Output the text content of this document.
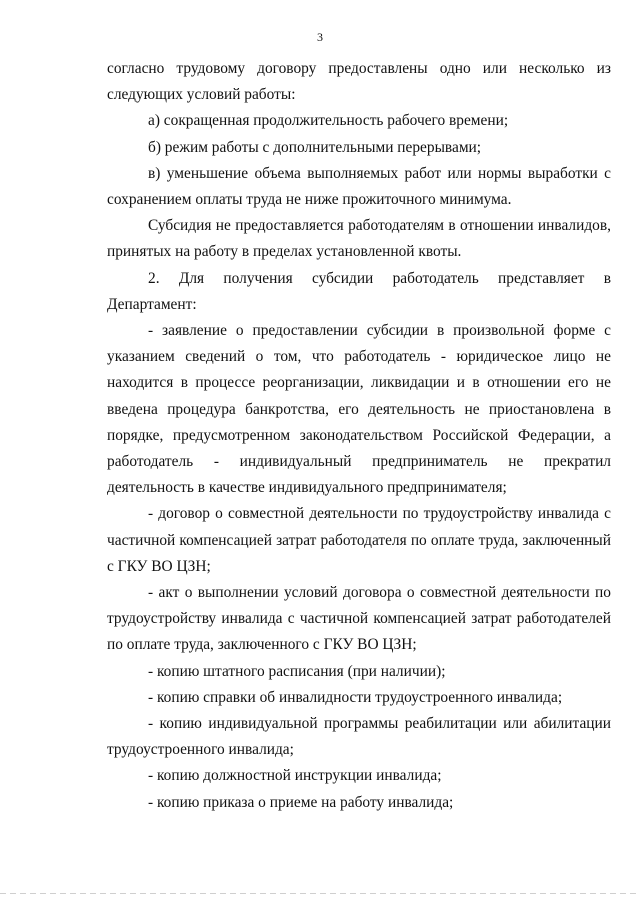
3

согласно трудовому договору предоставлены одно или несколько из следующих условий работы:

а) сокращенная продолжительность рабочего времени;

б) режим работы с дополнительными перерывами;

в) уменьшение объема выполняемых работ или нормы выработки с сохранением оплаты труда не ниже прожиточного минимума.

Субсидия не предоставляется работодателям в отношении инвалидов, принятых на работу в пределах установленной квоты.

2. Для получения субсидии работодатель представляет в Департамент:

- заявление о предоставлении субсидии в произвольной форме с указанием сведений о том, что работодатель - юридическое лицо не находится в процессе реорганизации, ликвидации и в отношении его не введена процедура банкротства, его деятельность не приостановлена в порядке, предусмотренном законодательством Российской Федерации, а работодатель - индивидуальный предприниматель не прекратил деятельность в качестве индивидуального предпринимателя;

- договор о совместной деятельности по трудоустройству инвалида с частичной компенсацией затрат работодателя по оплате труда, заключенный с ГКУ ВО ЦЗН;

- акт о выполнении условий договора о совместной деятельности по трудоустройству инвалида с частичной компенсацией затрат работодателей по оплате труда, заключенного с ГКУ ВО ЦЗН;

- копию штатного расписания (при наличии);

- копию справки об инвалидности трудоустроенного инвалида;

- копию индивидуальной программы реабилитации или абилитации трудоустроенного инвалида;

- копию должностной инструкции инвалида;

- копию приказа о приеме на работу инвалида;
